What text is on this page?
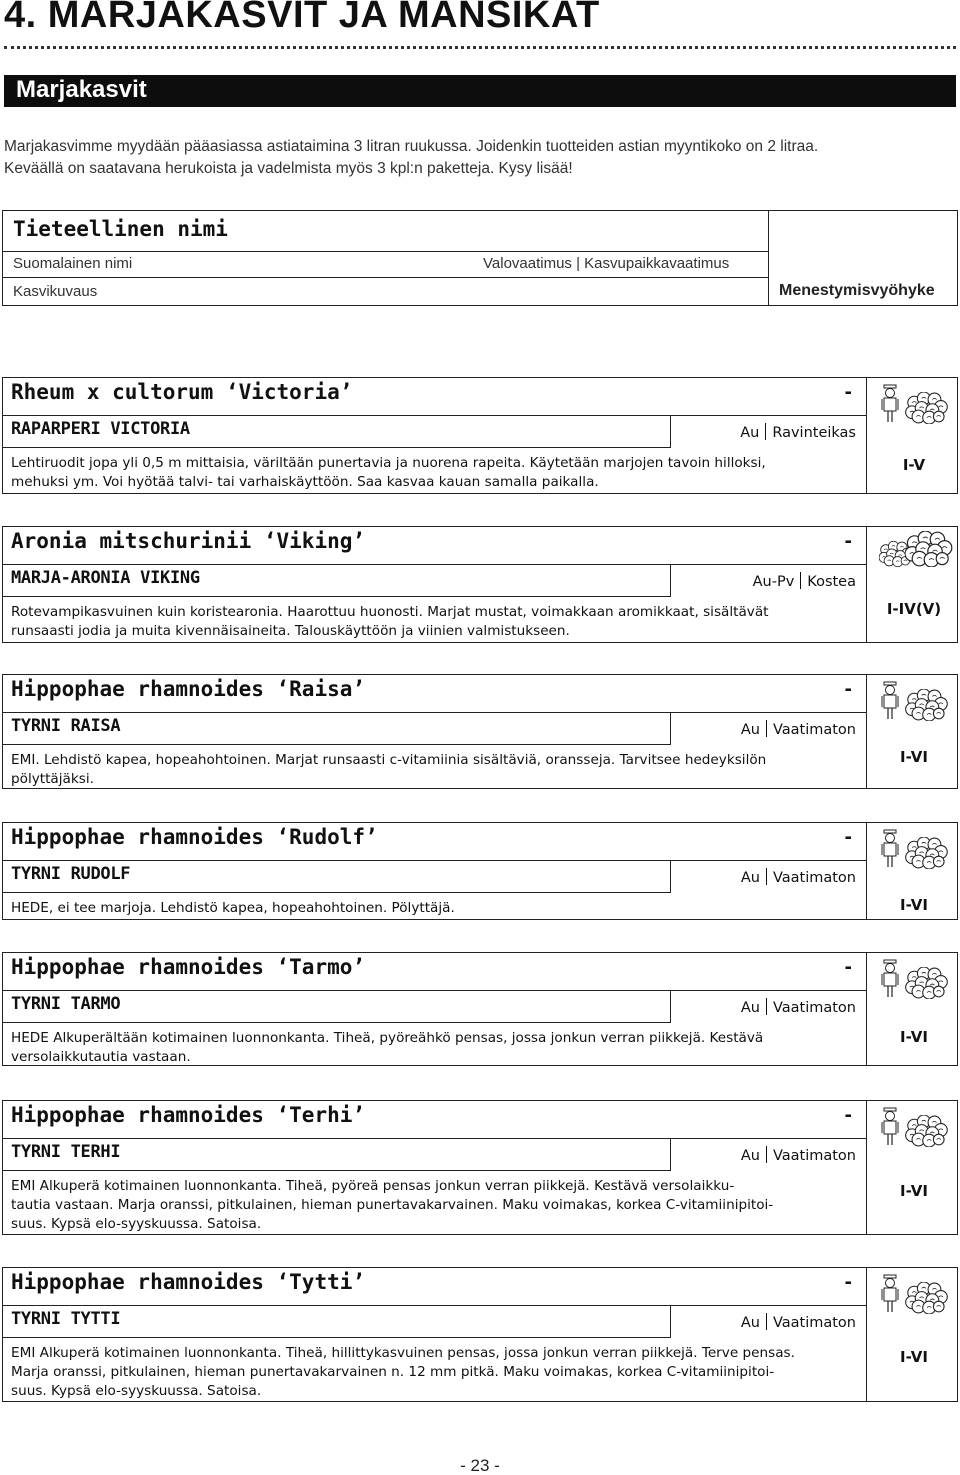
4. MARJAKASVIT JA MANSIKAT
Marjakasvit
Marjakasvimme myydään pääasiassa astiataimina 3 litran ruukussa. Joidenkin tuotteiden astian myyntikoko on 2 litraa.
Keväällä on saatavana herukoista ja vadelmista myös 3 kpl:n paketteja. Kysy lisää!
Tieteellinen nimi
Suomalainen nimi	Valovaatimus | Kasvupaikkavaatimus
Kasvikuvaus	Menestymisvyöhyke
Rheum x cultorum ‘Victoria’	-
RAPARPERI VICTORIA	Au Ravinteikas
Lehtiruodit jopa yli 0,5 m mittaisia, väriltään punertavia ja nuorena rapeita. Käytetään marjojen tavoin hilloksi,
mehuksi ym. Voi hyötää talvi- tai varhaiskäyttöön. Saa kasvaa kauan samalla paikalla.
I-V
Aronia mitschurinii ‘Viking’	-
MARJA-ARONIA VIKING	Au-Pv Kostea
Rotevampikasvuinen kuin koristearonia. Haarottuu huonosti. Marjat mustat, voimakkaan aromikkaat, sisältävät
runsaasti jodia ja muita kivennäisaineita. Talouskäyttöön ja viinien valmistukseen.
I-IV(V)
Hippophae rhamnoides ‘Raisa’	-
TYRNI RAISA	Au Vaatimaton
EMI. Lehdistö kapea, hopeahohtoinen. Marjat runsaasti c-vitamiinia sisältäviä, oransseja. Tarvitsee hedeyksilön
pölyttäjäksi.
I-VI
Hippophae rhamnoides ‘Rudolf’	-
TYRNI RUDOLF	Au Vaatimaton
HEDE, ei tee marjoja. Lehdistö kapea, hopeahohtoinen. Pölyttäjä.	I-VI
Hippophae rhamnoides ‘Tarmo’	-
TYRNI TARMO	Au Vaatimaton
HEDE Alkuperältään kotimainen luonnonkanta. Tiheä, pyöreähkö pensas, jossa jonkun verran piikkejä. Kestävä
versolaikkutautia vastaan.
I-VI
Hippophae rhamnoides ‘Terhi’	-
TYRNI TERHI	Au Vaatimaton
EMI Alkuperä kotimainen luonnonkanta. Tiheä, pyöreä pensas jonkun verran piikkejä. Kestävä versolaikku-
tautia vastaan. Marja oranssi, pitkulainen, hieman punertavakarvainen. Maku voimakas, korkea C-vitamiinipitoi-
suus. Kypsä elo-syyskuussa. Satoisa.
I-VI
Hippophae rhamnoides ‘Tytti’	-
TYRNI TYTTI	Au Vaatimaton
EMI Alkuperä kotimainen luonnonkanta. Tiheä, hillittykasvuinen pensas, jossa jonkun verran piikkejä. Terve pensas.
Marja oranssi, pitkulainen, hieman punertavakarvainen n. 12 mm pitkä. Maku voimakas, korkea C-vitamiinipitoi-
suus. Kypsä elo-syyskuussa. Satoisa.
I-VI
- 23 -
